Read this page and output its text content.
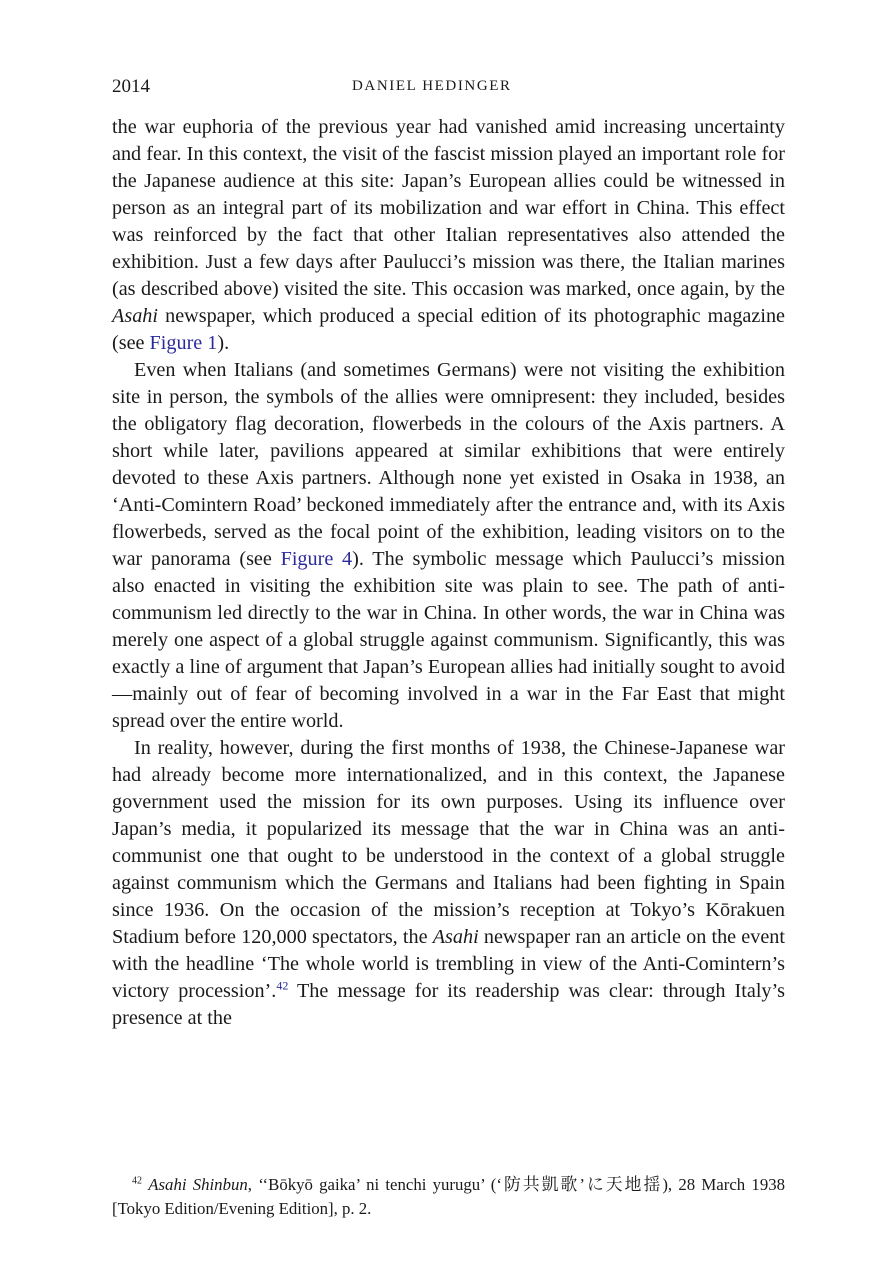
2014	DANIEL HEDINGER

the war euphoria of the previous year had vanished amid increasing uncertainty and fear. In this context, the visit of the fascist mission played an important role for the Japanese audience at this site: Japan’s European allies could be witnessed in person as an integral part of its mobilization and war effort in China. This effect was reinforced by the fact that other Italian representatives also attended the exhibition. Just a few days after Paulucci’s mission was there, the Italian marines (as described above) visited the site. This occasion was marked, once again, by the Asahi newspaper, which produced a special edition of its photographic magazine (see Figure 1).

Even when Italians (and sometimes Germans) were not visiting the exhibition site in person, the symbols of the allies were omnipresent: they included, besides the obligatory flag decoration, flowerbeds in the colours of the Axis partners. A short while later, pavilions appeared at similar exhibitions that were entirely devoted to these Axis partners. Although none yet existed in Osaka in 1938, an ‘Anti-Comintern Road’ beckoned immediately after the entrance and, with its Axis flowerbeds, served as the focal point of the exhibition, leading visitors on to the war panorama (see Figure 4). The symbolic message which Paulucci’s mission also enacted in visiting the exhibition site was plain to see. The path of anti-communism led directly to the war in China. In other words, the war in China was merely one aspect of a global struggle against communism. Significantly, this was exactly a line of argument that Japan’s European allies had initially sought to avoid—mainly out of fear of becoming involved in a war in the Far East that might spread over the entire world.

In reality, however, during the first months of 1938, the Chinese-Japanese war had already become more internationalized, and in this context, the Japanese government used the mission for its own purposes. Using its influence over Japan’s media, it popularized its message that the war in China was an anti-communist one that ought to be understood in the context of a global struggle against communism which the Germans and Italians had been fighting in Spain since 1936. On the occasion of the mission’s reception at Tokyo’s Kōrakuen Stadium before 120,000 spectators, the Asahi newspaper ran an article on the event with the headline ‘The whole world is trembling in view of the Anti-Comintern’s victory procession’.$^{42}$ The message for its readership was clear: through Italy’s presence at the

$^{42}$ Asahi Shinbun, ‘‘Bōkyō gaika’ ni tenchi yurugu’ (‘防共凱歌’に天地揺), 28 March 1938 [Tokyo Edition/Evening Edition], p. 2.
